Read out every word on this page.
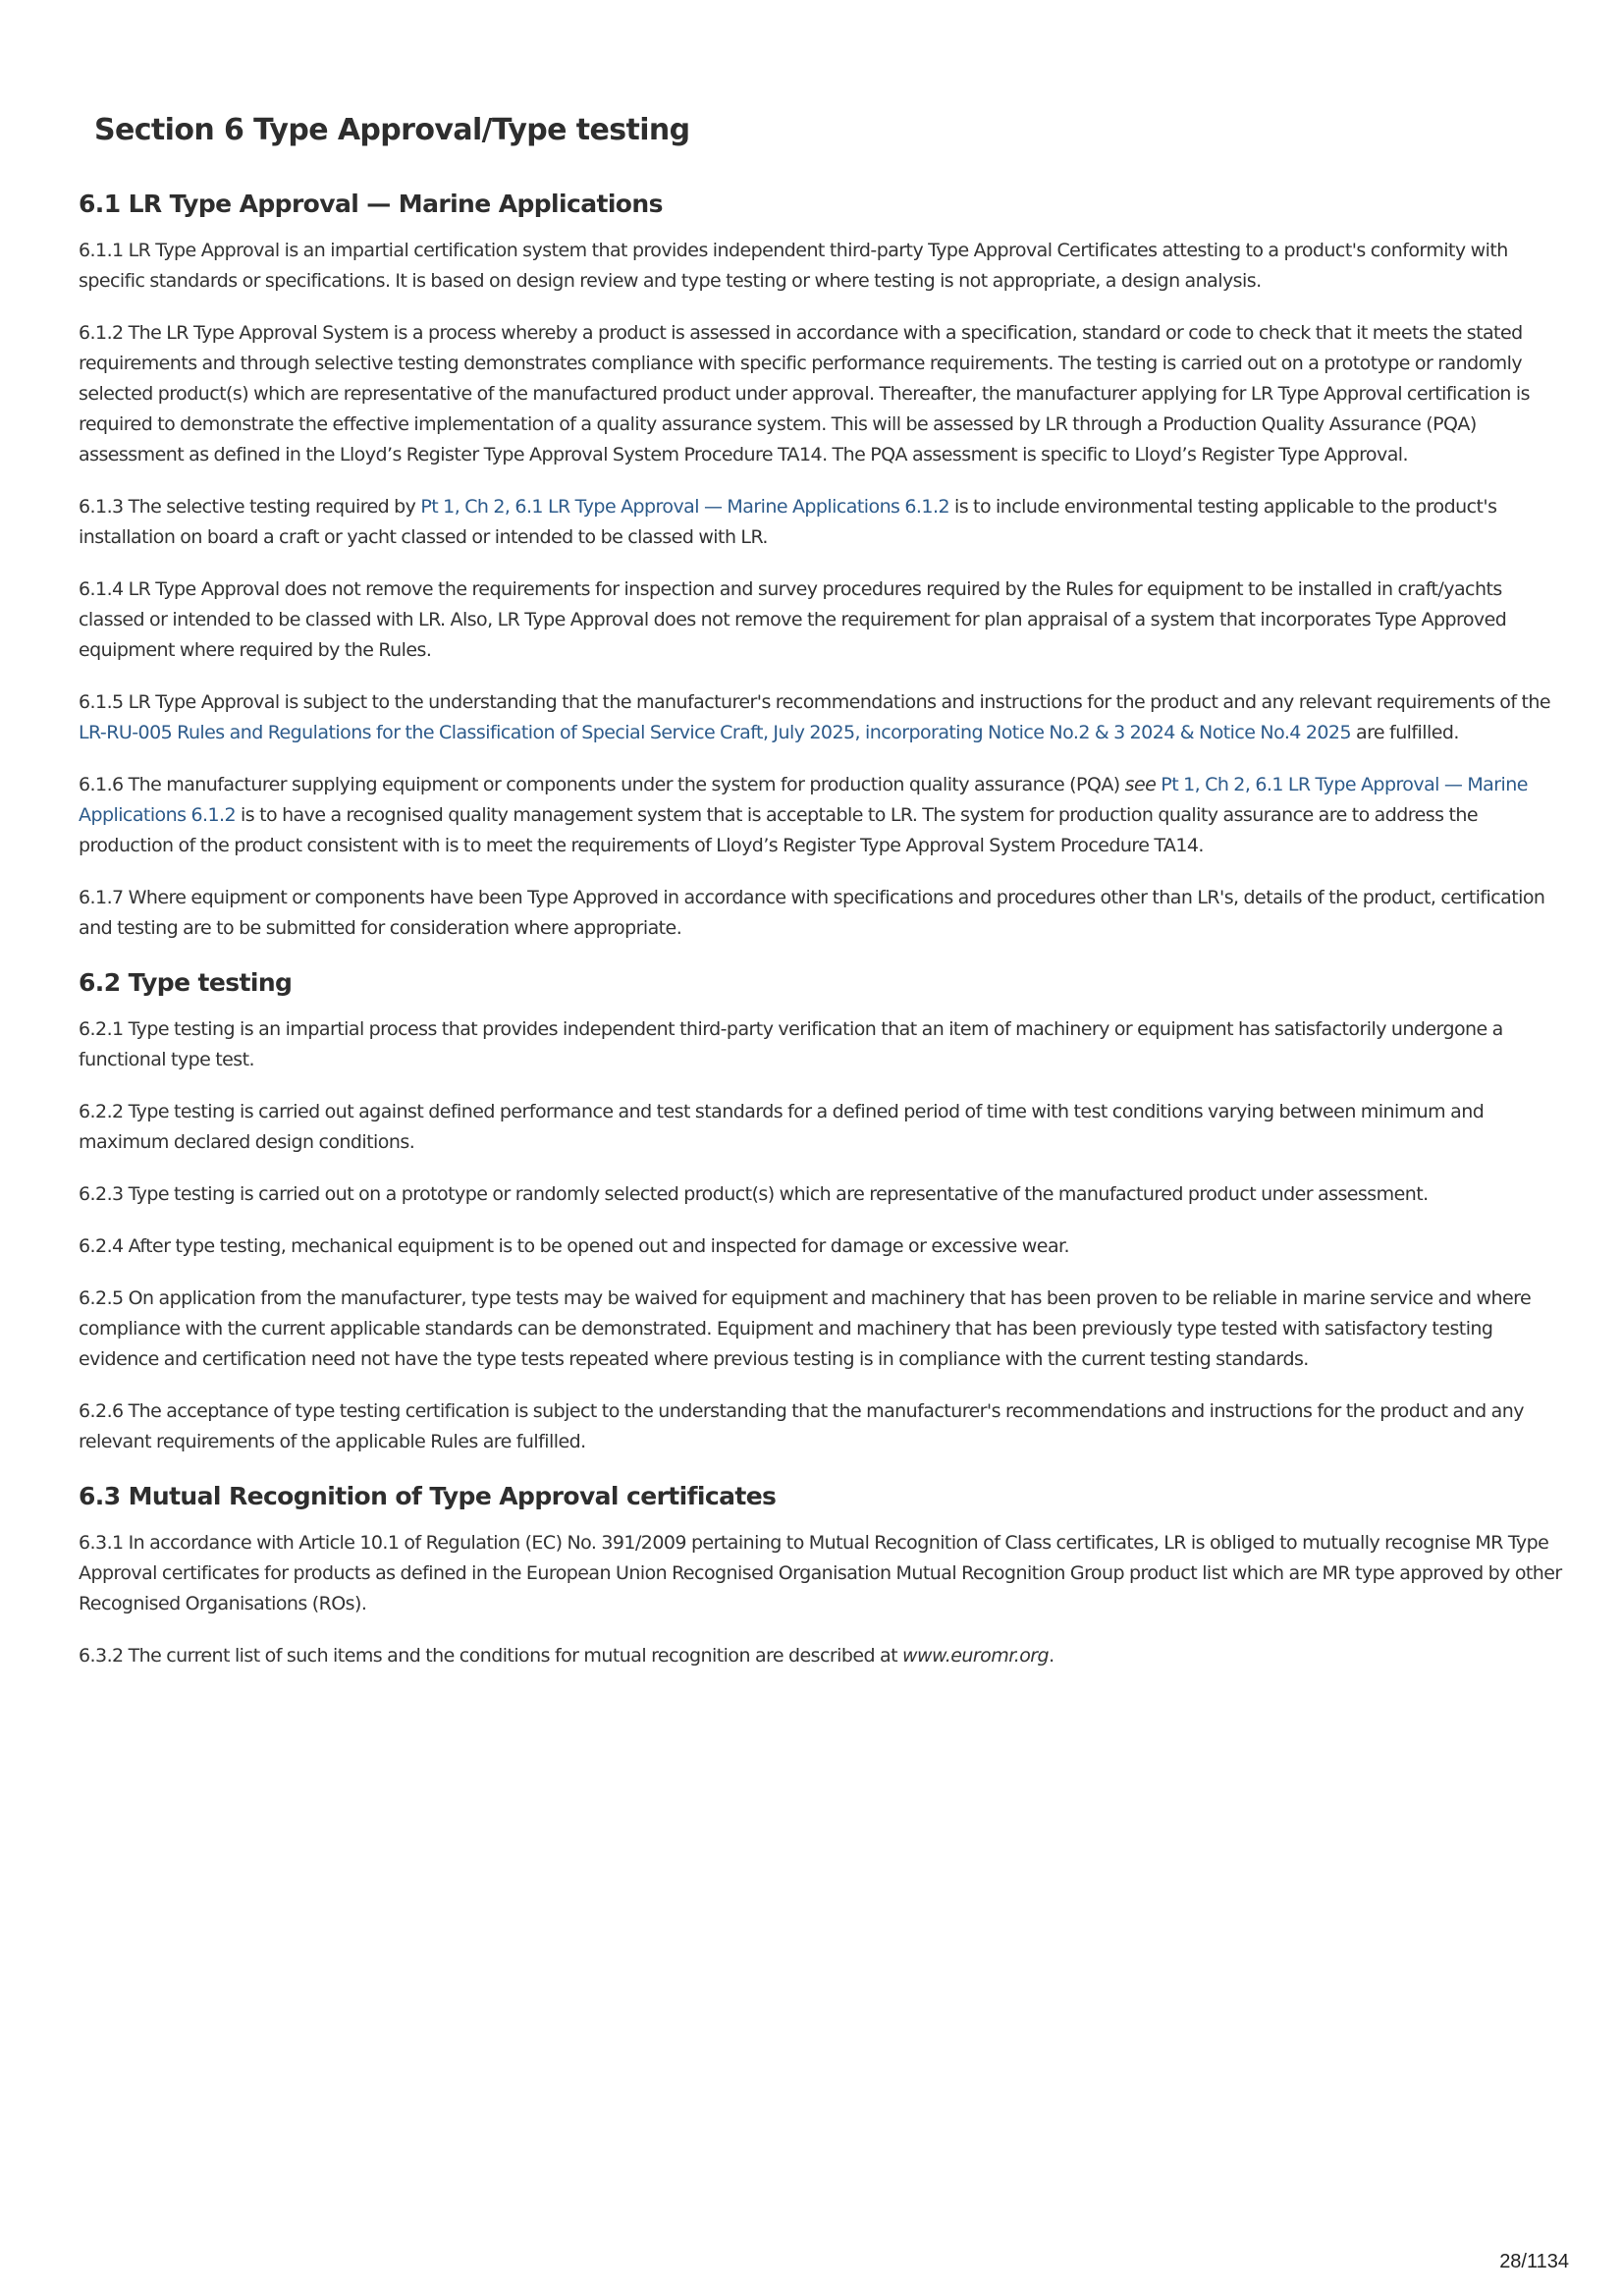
Section 6 Type Approval/Type testing
6.1 LR Type Approval — Marine Applications

6.1.1 LR Type Approval is an impartial certification system that provides independent third-party Type Approval Certificates attesting to a product's conformity with specific standards or specifications. It is based on design review and type testing or where testing is not appropriate, a design analysis.

6.1.2 The LR Type Approval System is a process whereby a product is assessed in accordance with a specification, standard or code to check that it meets the stated requirements and through selective testing demonstrates compliance with specific performance requirements. The testing is carried out on a prototype or randomly selected product(s) which are representative of the manufactured product under approval. Thereafter, the manufacturer applying for LR Type Approval certification is required to demonstrate the effective implementation of a quality assurance system. This will be assessed by LR through a Production Quality Assurance (PQA) assessment as defined in the Lloyd’s Register Type Approval System Procedure TA14. The PQA assessment is specific to Lloyd’s Register Type Approval.

6.1.3 The selective testing required by Pt 1, Ch 2, 6.1 LR Type Approval — Marine Applications 6.1.2 is to include environmental testing applicable to the product's installation on board a craft or yacht classed or intended to be classed with LR.

6.1.4 LR Type Approval does not remove the requirements for inspection and survey procedures required by the Rules for equipment to be installed in craft/yachts classed or intended to be classed with LR. Also, LR Type Approval does not remove the requirement for plan appraisal of a system that incorporates Type Approved equipment where required by the Rules.

6.1.5 LR Type Approval is subject to the understanding that the manufacturer's recommendations and instructions for the product and any relevant requirements of the LR-RU-005 Rules and Regulations for the Classification of Special Service Craft, July 2025, incorporating Notice No.2 & 3 2024 & Notice No.4 2025 are fulfilled.

6.1.6 The manufacturer supplying equipment or components under the system for production quality assurance (PQA) see Pt 1, Ch 2, 6.1 LR Type Approval — Marine Applications 6.1.2 is to have a recognised quality management system that is acceptable to LR. The system for production quality assurance are to address the production of the product consistent with is to meet the requirements of Lloyd’s Register Type Approval System Procedure TA14.

6.1.7 Where equipment or components have been Type Approved in accordance with specifications and procedures other than LR's, details of the product, certification and testing are to be submitted for consideration where appropriate.

6.2 Type testing

6.2.1 Type testing is an impartial process that provides independent third-party verification that an item of machinery or equipment has satisfactorily undergone a functional type test.

6.2.2 Type testing is carried out against defined performance and test standards for a defined period of time with test conditions varying between minimum and maximum declared design conditions.

6.2.3 Type testing is carried out on a prototype or randomly selected product(s) which are representative of the manufactured product under assessment.

6.2.4 After type testing, mechanical equipment is to be opened out and inspected for damage or excessive wear.

6.2.5 On application from the manufacturer, type tests may be waived for equipment and machinery that has been proven to be reliable in marine service and where compliance with the current applicable standards can be demonstrated. Equipment and machinery that has been previously type tested with satisfactory testing evidence and certification need not have the type tests repeated where previous testing is in compliance with the current testing standards.

6.2.6 The acceptance of type testing certification is subject to the understanding that the manufacturer's recommendations and instructions for the product and any relevant requirements of the applicable Rules are fulfilled.

6.3 Mutual Recognition of Type Approval certificates

6.3.1 In accordance with Article 10.1 of Regulation (EC) No. 391/2009 pertaining to Mutual Recognition of Class certificates, LR is obliged to mutually recognise MR Type Approval certificates for products as defined in the European Union Recognised Organisation Mutual Recognition Group product list which are MR type approved by other Recognised Organisations (ROs).

6.3.2 The current list of such items and the conditions for mutual recognition are described at www.euromr.org.

28/1134
